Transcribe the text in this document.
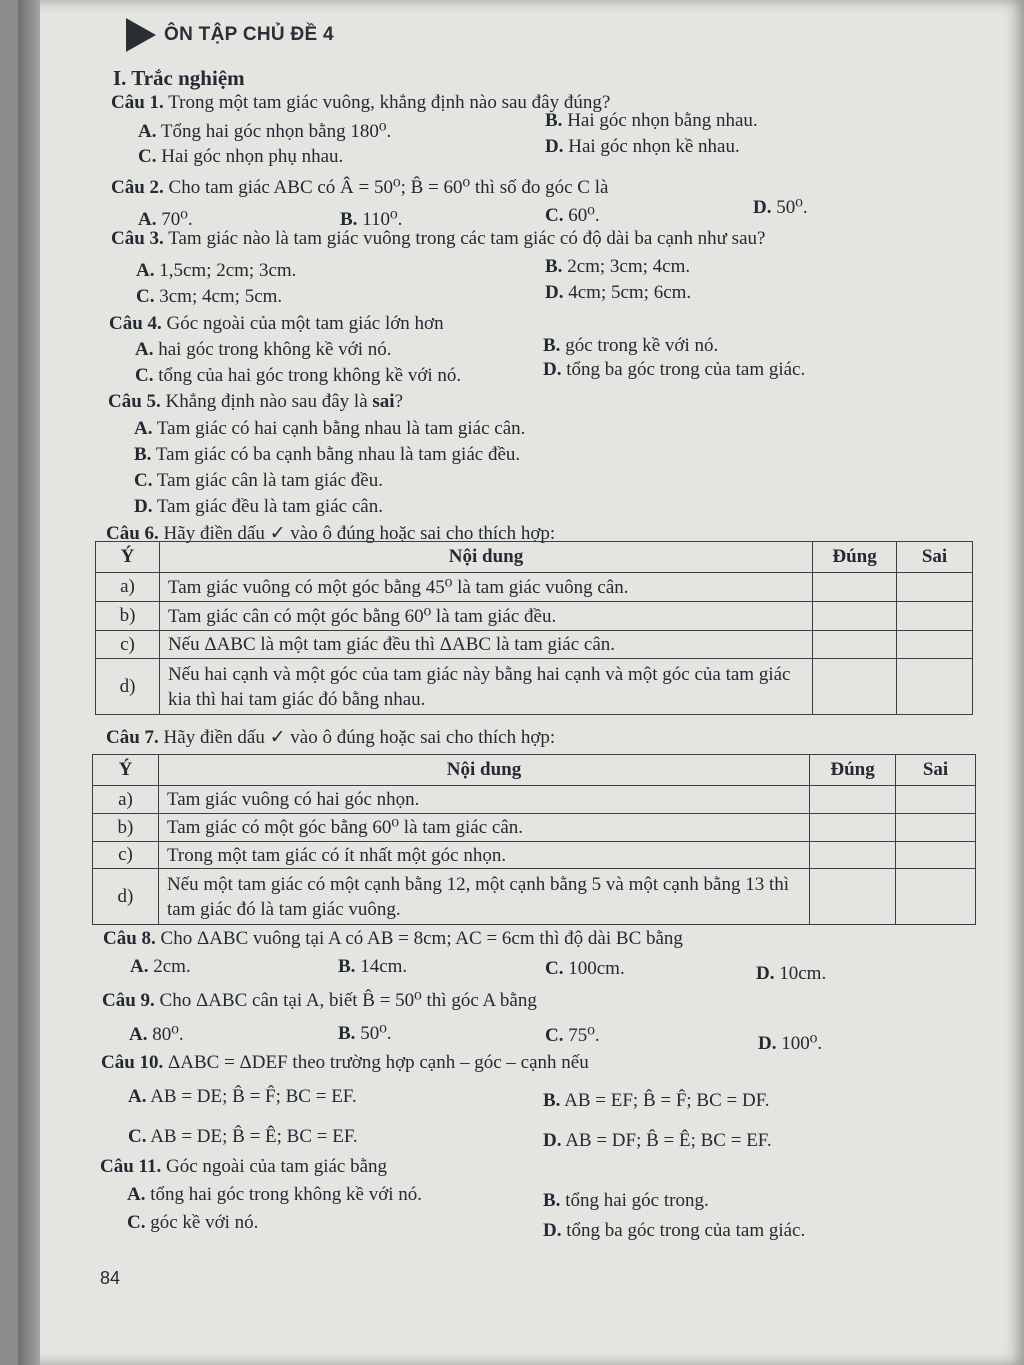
ÔN TẬP CHỦ ĐỀ 4
I. Trắc nghiệm
Câu 1. Trong một tam giác vuông, khẳng định nào sau đây đúng?
A. Tổng hai góc nhọn bằng 180⁰.
B. Hai góc nhọn bằng nhau.
C. Hai góc nhọn phụ nhau.	D. Hai góc nhọn kề nhau.
Câu 2. Cho tam giác ABC có Â = 50⁰; B̂ = 60⁰ thì số đo góc C là
A. 70⁰.	B. 110⁰.	C. 60⁰.	D. 50⁰.
Câu 3. Tam giác nào là tam giác vuông trong các tam giác có độ dài ba cạnh như sau?
A. 1,5cm; 2cm; 3cm.	B. 2cm; 3cm; 4cm.
C. 3cm; 4cm; 5cm.	D. 4cm; 5cm; 6cm.
Câu 4. Góc ngoài của một tam giác lớn hơn
A. hai góc trong không kề với nó.	B. góc trong kề với nó.
C. tổng của hai góc trong không kề với nó.	D. tổng ba góc trong của tam giác.
Câu 5. Khẳng định nào sau đây là sai?
A. Tam giác có hai cạnh bằng nhau là tam giác cân.
B. Tam giác có ba cạnh bằng nhau là tam giác đều.
C. Tam giác cân là tam giác đều.
D. Tam giác đều là tam giác cân.
Câu 6. Hãy điền dấu ✓ vào ô đúng hoặc sai cho thích hợp:
Ý	Nội dung	Đúng	Sai
a)	Tam giác vuông có một góc bằng 45⁰ là tam giác vuông cân.		
b)	Tam giác cân có một góc bằng 60⁰ là tam giác đều.		
c)	Nếu ΔABC là một tam giác đều thì ΔABC là tam giác cân.		
d)	Nếu hai cạnh và một góc của tam giác này bằng hai cạnh và một góc của tam giác kia thì hai tam giác đó bằng nhau.		
Câu 7. Hãy điền dấu ✓ vào ô đúng hoặc sai cho thích hợp:
Ý	Nội dung	Đúng	Sai
a)	Tam giác vuông có hai góc nhọn.		
b)	Tam giác có một góc bằng 60⁰ là tam giác cân.		
c)	Trong một tam giác có ít nhất một góc nhọn.		
d)	Nếu một tam giác có một cạnh bằng 12, một cạnh bằng 5 và một cạnh bằng 13 thì tam giác đó là tam giác vuông.		
Câu 8. Cho ΔABC vuông tại A có AB = 8cm; AC = 6cm thì độ dài BC bằng
A. 2cm.	B. 14cm.	C. 100cm.	D. 10cm.
Câu 9. Cho ΔABC cân tại A, biết B̂ = 50⁰ thì góc A bằng
A. 80⁰.	B. 50⁰.	C. 75⁰.	D. 100⁰.
Câu 10. ΔABC = ΔDEF theo trường hợp cạnh – góc – cạnh nếu
A. AB = DE; B̂ = F̂; BC = EF.	B. AB = EF; B̂ = F̂; BC = DF.
C. AB = DE; B̂ = Ê; BC = EF.	D. AB = DF; B̂ = Ê; BC = EF.
Câu 11. Góc ngoài của tam giác bằng
A. tổng hai góc trong không kề với nó.	B. tổng hai góc trong.
C. góc kề với nó.	D. tổng ba góc trong của tam giác.
84
